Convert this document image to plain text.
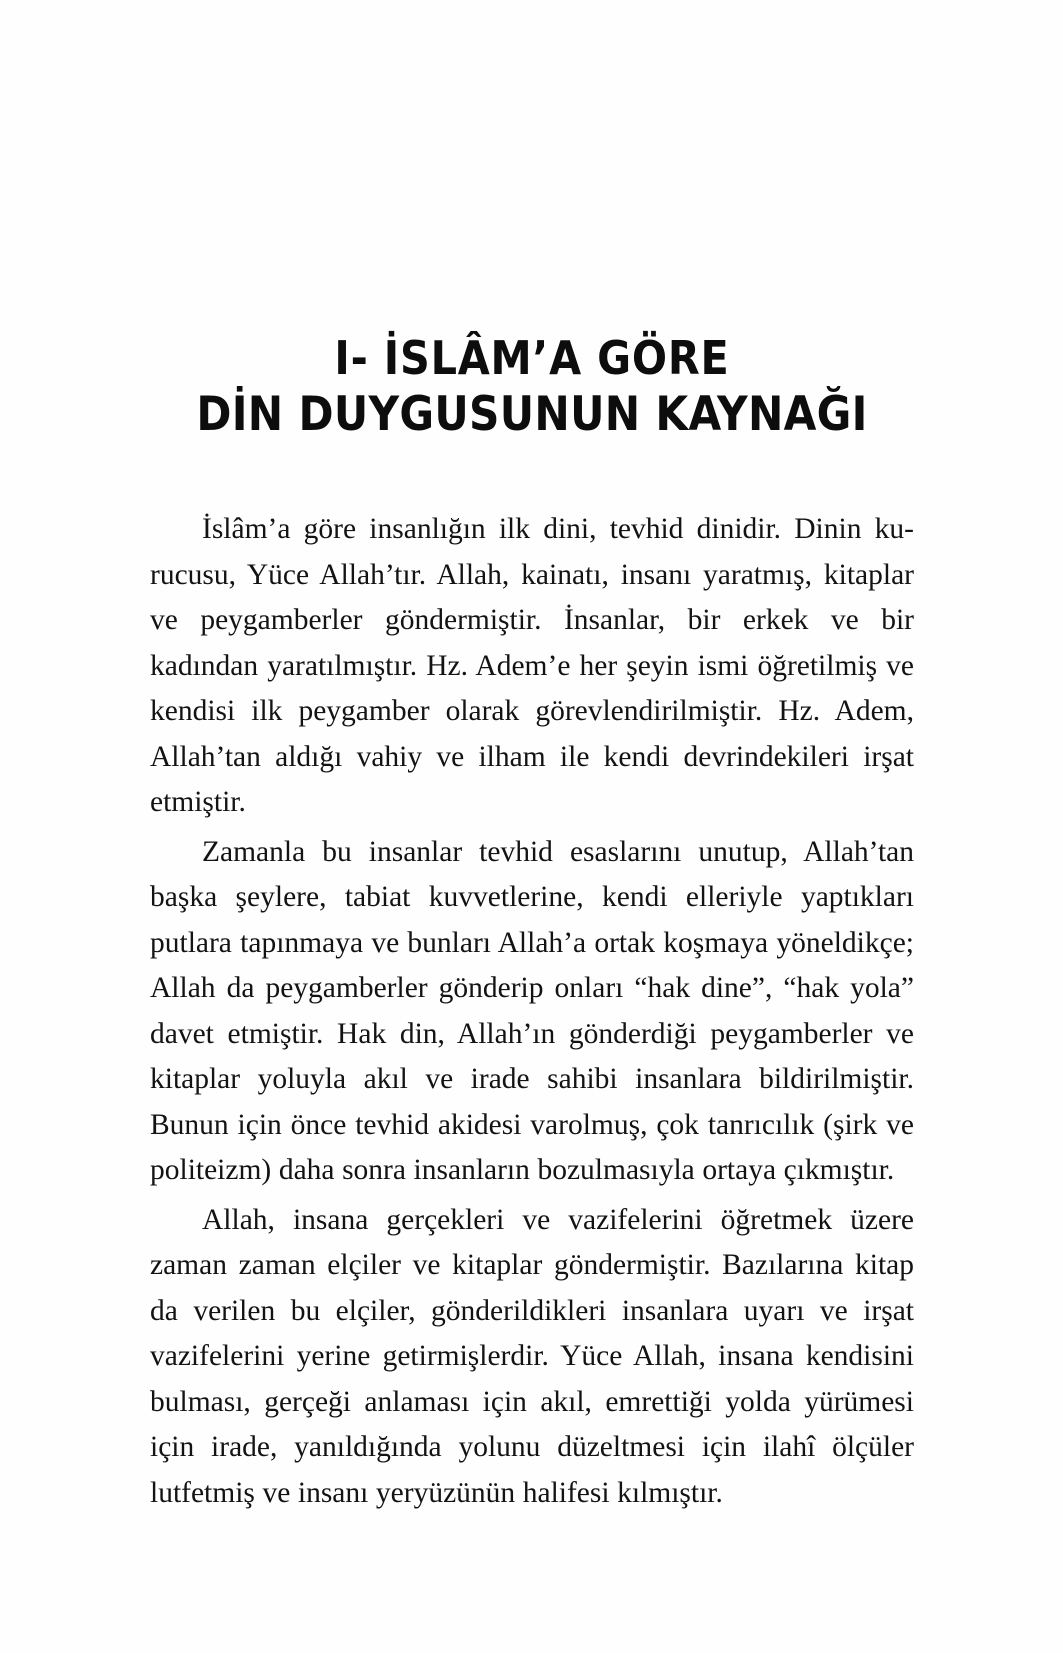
I- İSLÂM’A GÖRE
DİN DUYGUSUNUN KAYNAĞI

İslâm’a göre insanlığın ilk dini, tevhid dinidir. Dinin kurucusu, Yüce Allah’tır. Allah, kainatı, insanı yaratmış, kitaplar ve peygamberler göndermiştir. İnsanlar, bir erkek ve bir kadından yaratılmıştır. Hz. Adem’e her şeyin ismi öğretilmiş ve kendisi ilk peygamber olarak görevlendirilmiştir. Hz. Adem, Allah’tan aldığı vahiy ve ilham ile kendi devrindekileri irşat etmiştir.

Zamanla bu insanlar tevhid esaslarını unutup, Allah’tan başka şeylere, tabiat kuvvetlerine, kendi elleriyle yaptıkları putlara tapınmaya ve bunları Allah’a ortak koşmaya yöneldikçe; Allah da peygamberler gönderip onları “hak dine”, “hak yola” davet etmiştir. Hak din, Allah’ın gönderdiği peygamberler ve kitaplar yoluyla akıl ve irade sahibi insanlara bildirilmiştir. Bunun için önce tevhid akidesi varolmuş, çok tanrıcılık (şirk ve politeizm) daha sonra insanların bozulmasıyla ortaya çıkmıştır.

Allah, insana gerçekleri ve vazifelerini öğretmek üzere zaman zaman elçiler ve kitaplar göndermiştir. Bazılarına kitap da verilen bu elçiler, gönderildikleri insanlara uyarı ve irşat vazifelerini yerine getirmişlerdir. Yüce Allah, insana kendisini bulması, gerçeği anlaması için akıl, emrettiği yolda yürümesi için irade, yanıldığında yolunu düzeltmesi için ilahî ölçüler lutfetmiş ve insanı yeryüzünün halifesi kılmıştır.
